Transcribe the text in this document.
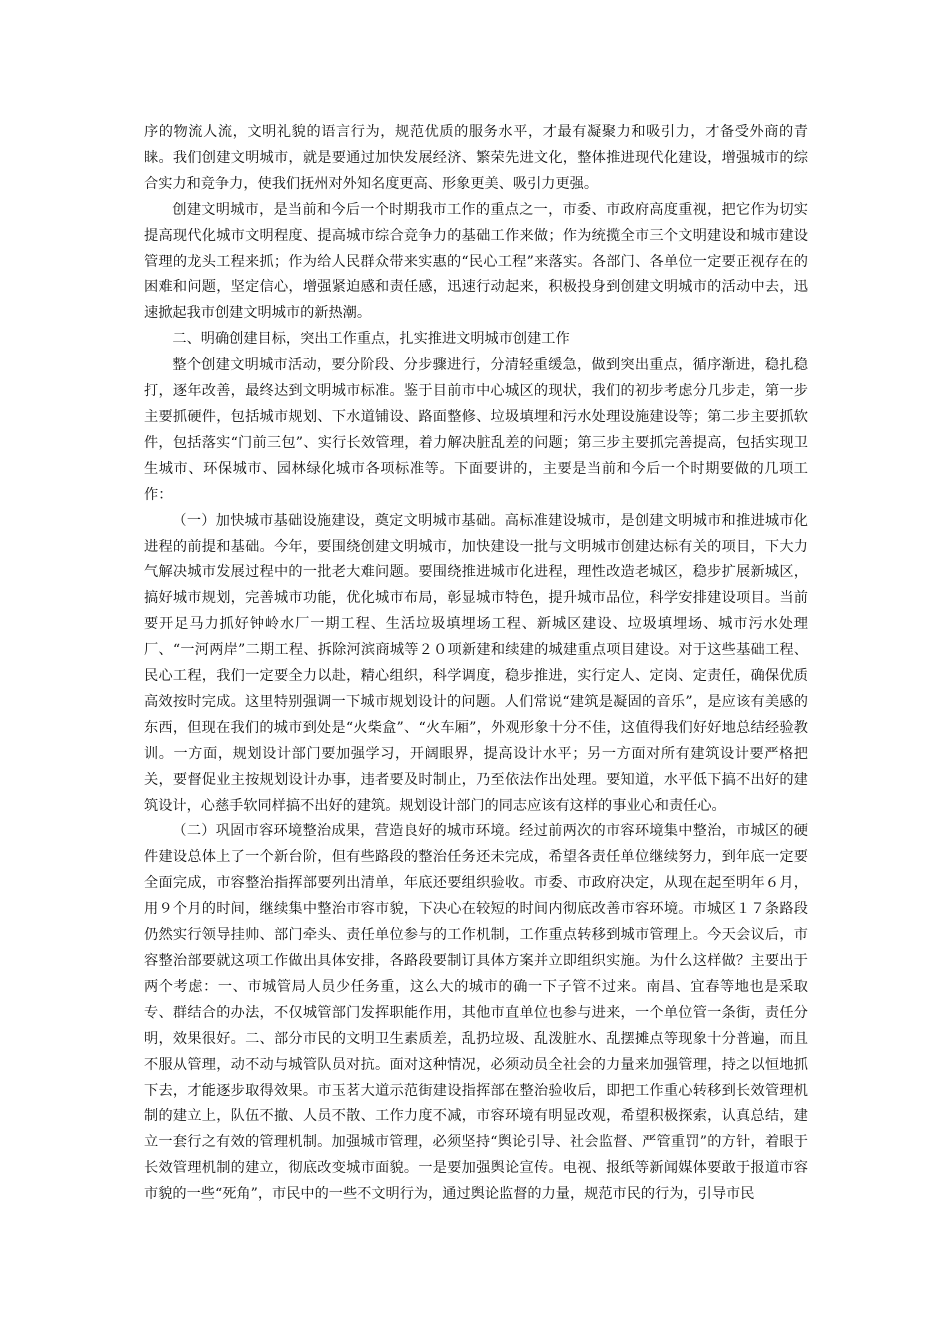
序的物流人流，文明礼貌的语言行为，规范优质的服务水平，才最有凝聚力和吸引力，才备受外商的青睐。我们创建文明城市，就是要通过加快发展经济、繁荣先进文化，整体推进现代化建设，增强城市的综合实力和竞争力，使我们抚州对外知名度更高、形象更美、吸引力更强。

创建文明城市，是当前和今后一个时期我市工作的重点之一，市委、市政府高度重视，把它作为切实提高现代化城市文明程度、提高城市综合竞争力的基础工作来做；作为统揽全市三个文明建设和城市建设管理的龙头工程来抓；作为给人民群众带来实惠的“民心工程”来落实。各部门、各单位一定要正视存在的困难和问题，坚定信心，增强紧迫感和责任感，迅速行动起来，积极投身到创建文明城市的活动中去，迅速掀起我市创建文明城市的新热潮。

二、明确创建目标，突出工作重点，扎实推进文明城市创建工作

整个创建文明城市活动，要分阶段、分步骤进行，分清轻重缓急，做到突出重点，循序渐进，稳扎稳打，逐年改善，最终达到文明城市标准。鉴于目前市中心城区的现状，我们的初步考虑分几步走，第一步主要抓硬件，包括城市规划、下水道铺设、路面整修、垃圾填埋和污水处理设施建设等；第二步主要抓软件，包括落实“门前三包”、实行长效管理，着力解决脏乱差的问题；第三步主要抓完善提高，包括实现卫生城市、环保城市、园林绿化城市各项标准等。下面要讲的，主要是当前和今后一个时期要做的几项工作：

（一）加快城市基础设施建设，奠定文明城市基础。高标准建设城市，是创建文明城市和推进城市化进程的前提和基础。今年，要围绕创建文明城市，加快建设一批与文明城市创建达标有关的项目，下大力气解决城市发展过程中的一批老大难问题。要围绕推进城市化进程，理性改造老城区，稳步扩展新城区，搞好城市规划，完善城市功能，优化城市布局，彰显城市特色，提升城市品位，科学安排建设项目。当前要开足马力抓好钟岭水厂一期工程、生活垃圾填埋场工程、新城区建设、垃圾填埋场、城市污水处理厂、“一河两岸”二期工程、拆除河滨商城等２０项新建和续建的城建重点项目建设。对于这些基础工程、民心工程，我们一定要全力以赴，精心组织，科学调度，稳步推进，实行定人、定岗、定责任，确保优质高效按时完成。这里特别强调一下城市规划设计的问题。人们常说“建筑是凝固的音乐”，是应该有美感的东西，但现在我们的城市到处是“火柴盒”、“火车厢”，外观形象十分不佳，这值得我们好好地总结经验教训。一方面，规划设计部门要加强学习，开阔眼界，提高设计水平；另一方面对所有建筑设计要严格把关，要督促业主按规划设计办事，违者要及时制止，乃至依法作出处理。要知道，水平低下搞不出好的建筑设计，心慈手软同样搞不出好的建筑。规划设计部门的同志应该有这样的事业心和责任心。

（二）巩固市容环境整治成果，营造良好的城市环境。经过前两次的市容环境集中整治，市城区的硬件建设总体上了一个新台阶，但有些路段的整治任务还未完成，希望各责任单位继续努力，到年底一定要全面完成，市容整治指挥部要列出清单，年底还要组织验收。市委、市政府决定，从现在起至明年６月，用９个月的时间，继续集中整治市容市貌，下决心在较短的时间内彻底改善市容环境。市城区１７条路段仍然实行领导挂帅、部门牵头、责任单位参与的工作机制，工作重点转移到城市管理上。今天会议后，市容整治部要就这项工作做出具体安排，各路段要制订具体方案并立即组织实施。为什么这样做？主要出于两个考虑：一、市城管局人员少任务重，这么大的城市的确一下子管不过来。南昌、宜春等地也是采取专、群结合的办法，不仅城管部门发挥职能作用，其他市直单位也参与进来，一个单位管一条街，责任分明，效果很好。二、部分市民的文明卫生素质差，乱扔垃圾、乱泼脏水、乱摆摊点等现象十分普遍，而且不服从管理，动不动与城管队员对抗。面对这种情况，必须动员全社会的力量来加强管理，持之以恒地抓下去，才能逐步取得效果。市玉茗大道示范街建设指挥部在整治验收后，即把工作重心转移到长效管理机制的建立上，队伍不撤、人员不散、工作力度不减，市容环境有明显改观，希望积极探索，认真总结，建立一套行之有效的管理机制。加强城市管理，必须坚持“舆论引导、社会监督、严管重罚”的方针，着眼于长效管理机制的建立，彻底改变城市面貌。一是要加强舆论宣传。电视、报纸等新闻媒体要敢于报道市容市貌的一些“死角”，市民中的一些不文明行为，通过舆论监督的力量，规范市民的行为，引导市民
